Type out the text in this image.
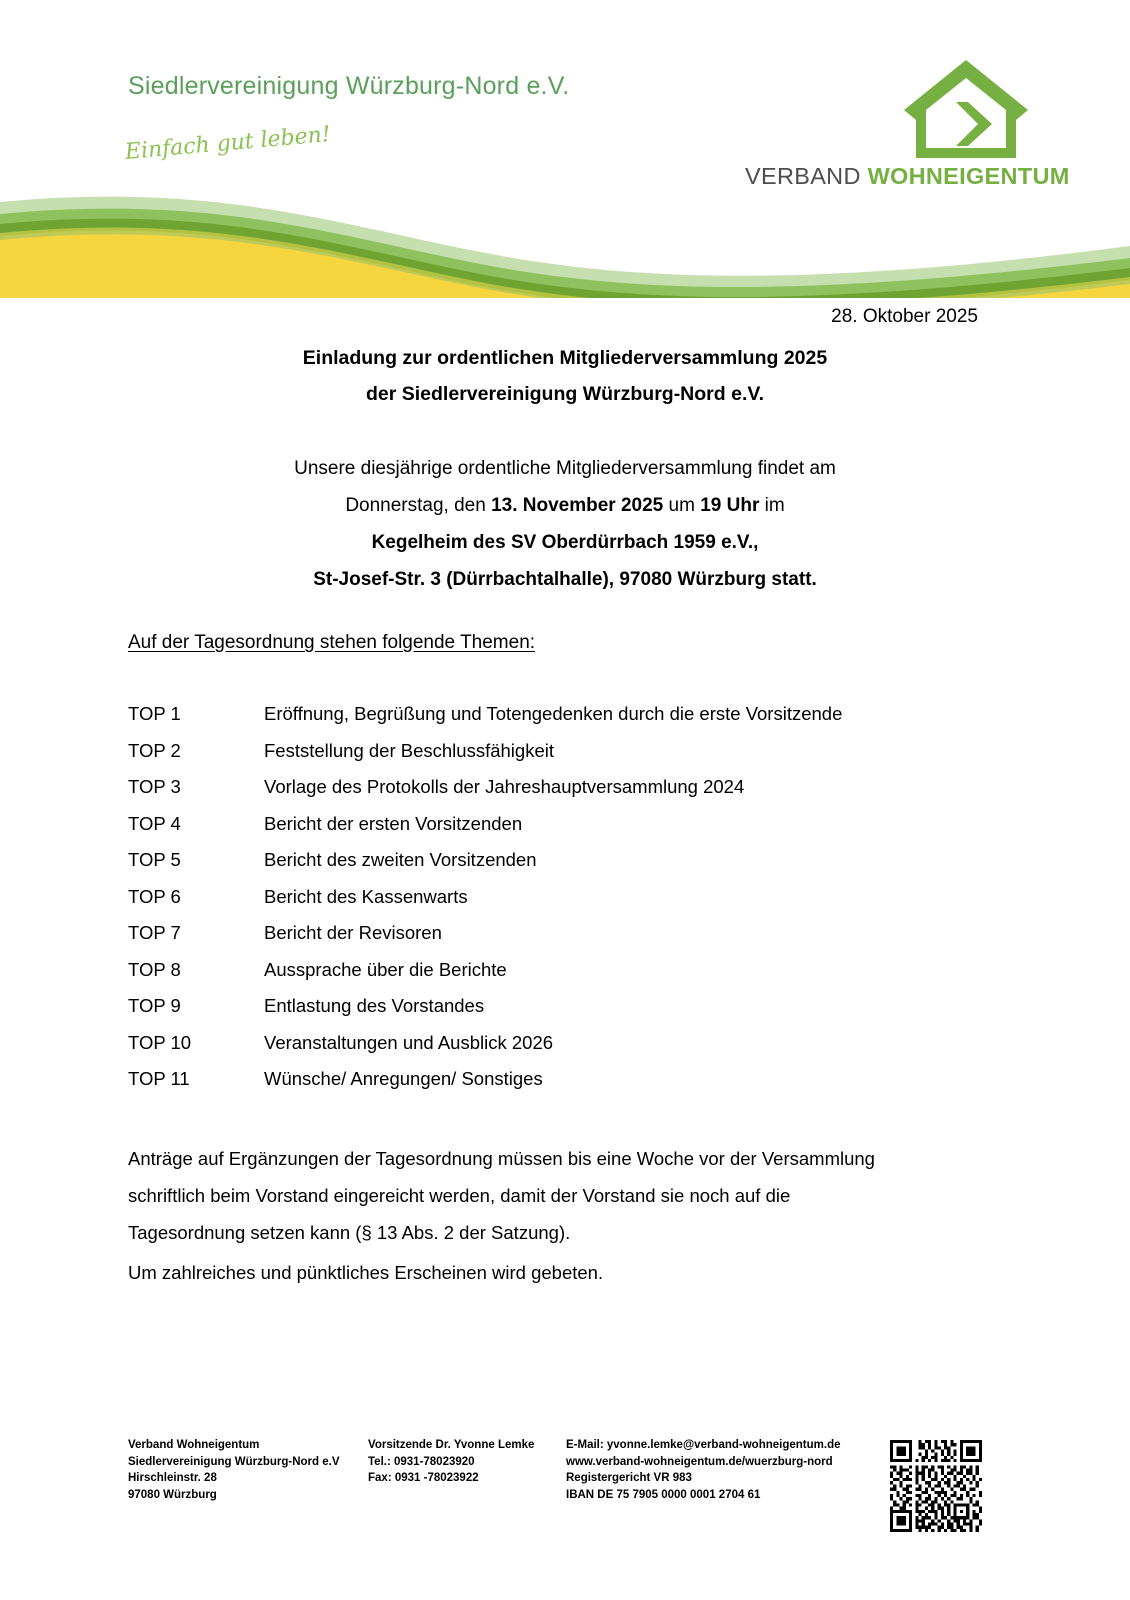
Siedlervereinigung Würzburg-Nord e.V.
VERBAND WOHNEIGENTUM
Einfach gut leben!
28. Oktober 2025
Einladung zur ordentlichen Mitgliederversammlung 2025
der Siedlervereinigung Würzburg-Nord e.V.
Unsere diesjährige ordentliche Mitgliederversammlung findet am
Donnerstag, den 13. November 2025 um 19 Uhr im
Kegelheim des SV Oberdürrbach 1959 e.V.,
St-Josef-Str. 3 (Dürrbachtalhalle), 97080 Würzburg statt.
Auf der Tagesordnung stehen folgende Themen:
TOP 1	Eröffnung, Begrüßung und Totengedenken durch die erste Vorsitzende
TOP 2	Feststellung der Beschlussfähigkeit
TOP 3	Vorlage des Protokolls der Jahreshauptversammlung 2024
TOP 4	Bericht der ersten Vorsitzenden
TOP 5	Bericht des zweiten Vorsitzenden
TOP 6	Bericht des Kassenwarts
TOP 7	Bericht der Revisoren
TOP 8	Aussprache über die Berichte
TOP 9	Entlastung des Vorstandes
TOP 10	Veranstaltungen und Ausblick 2026
TOP 11	Wünsche/ Anregungen/ Sonstiges
Anträge auf Ergänzungen der Tagesordnung müssen bis eine Woche vor der Versammlung
schriftlich beim Vorstand eingereicht werden, damit der Vorstand sie noch auf die
Tagesordnung setzen kann (§ 13 Abs. 2 der Satzung).
Um zahlreiches und pünktliches Erscheinen wird gebeten.
Verband Wohneigentum
Siedlervereinigung Würzburg-Nord e.V
Hirschleinstr. 28
97080 Würzburg
Vorsitzende Dr. Yvonne Lemke
Tel.: 0931-78023920
Fax: 0931 -78023922
E-Mail: yvonne.lemke@verband-wohneigentum.de
www.verband-wohneigentum.de/wuerzburg-nord
Registergericht VR 983
IBAN DE 75 7905 0000 0001 2704 61
